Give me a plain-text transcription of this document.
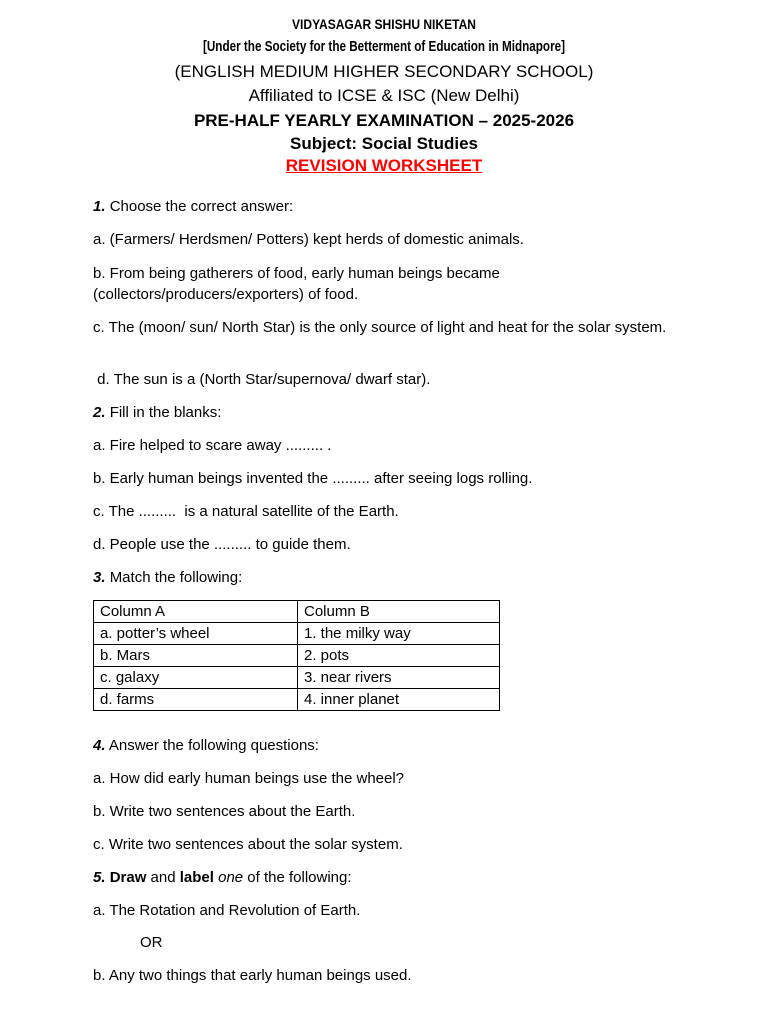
VIDYASAGAR SHISHU NIKETAN
[Under the Society for the Betterment of Education in Midnapore]
(ENGLISH MEDIUM HIGHER SECONDARY SCHOOL)
Affiliated to ICSE & ISC (New Delhi)
PRE-HALF YEARLY EXAMINATION – 2025-2026
Subject: Social Studies
REVISION WORKSHEET
1. Choose the correct answer:
a. (Farmers/ Herdsmen/ Potters) kept herds of domestic animals.
b. From being gatherers of food, early human beings became (collectors/producers/exporters) of food.
c. The (moon/ sun/ North Star) is the only source of light and heat for the solar system.
d. The sun is a (North Star/supernova/ dwarf star).
2. Fill in the blanks:
a. Fire helped to scare away ......... .
b. Early human beings invented the ......... after seeing logs rolling.
c. The .........  is a natural satellite of the Earth.
d. People use the ......... to guide them.
3. Match the following:
Column A	Column B
a. potter’s wheel	1. the milky way
b. Mars	2. pots
c. galaxy	3. near rivers
d. farms	4. inner planet
4. Answer the following questions:
a. How did early human beings use the wheel?
b. Write two sentences about the Earth.
c. Write two sentences about the solar system.
5. Draw and label one of the following:
a. The Rotation and Revolution of Earth.
OR
b. Any two things that early human beings used.
